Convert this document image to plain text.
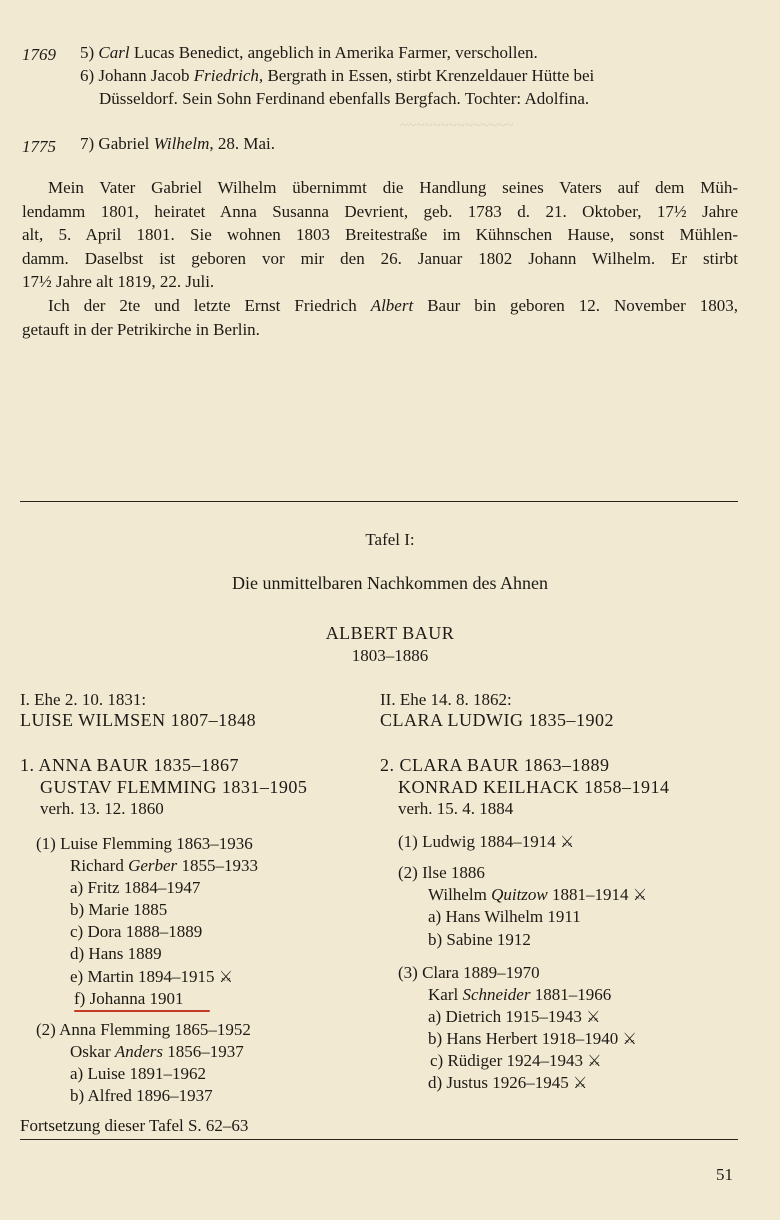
1769 5) Carl Lucas Benedict, angeblich in Amerika Farmer, verschollen.
6) Johann Jacob Friedrich, Bergrath in Essen, stirbt Krenzeldauer Hütte bei
Düsseldorf. Sein Sohn Ferdinand ebenfalls Bergfach. Tochter: Adolfina.
1775 7) Gabriel Wilhelm, 28. Mai.
Mein Vater Gabriel Wilhelm übernimmt die Handlung seines Vaters auf dem Müh-
lendamm 1801, heiratet Anna Susanna Devrient, geb. 1783 d. 21. Oktober, 17½ Jahre
alt, 5. April 1801. Sie wohnen 1803 Breitestraße im Kühnschen Hause, sonst Mühlen-
damm. Daselbst ist geboren vor mir den 26. Januar 1802 Johann Wilhelm. Er stirbt
17½ Jahre alt 1819, 22. Juli.
Ich der 2te und letzte Ernst Friedrich Albert Baur bin geboren 12. November 1803,
getauft in der Petrikirche in Berlin.
~~~~~~~~~~~~~~
Tafel I:
Die unmittelbaren Nachkommen des Ahnen
ALBERT BAUR
1803–1886
I. Ehe 2. 10. 1831:
LUISE WILMSEN 1807–1848
1. ANNA BAUR 1835–1867
GUSTAV FLEMMING 1831–1905
verh. 13. 12. 1860
(1) Luise Flemming 1863–1936
Richard Gerber 1855–1933
a) Fritz 1884–1947
b) Marie 1885
c) Dora 1888–1889
d) Hans 1889
e) Martin 1894–1915 ⚔
f) Johanna 1901
(2) Anna Flemming 1865–1952
Oskar Anders 1856–1937
a) Luise 1891–1962
b) Alfred 1896–1937
Fortsetzung dieser Tafel S. 62–63
II. Ehe 14. 8. 1862:
CLARA LUDWIG 1835–1902
2. CLARA BAUR 1863–1889
KONRAD KEILHACK 1858–1914
verh. 15. 4. 1884
(1) Ludwig 1884–1914 ⚔
(2) Ilse 1886
Wilhelm Quitzow 1881–1914 ⚔
a) Hans Wilhelm 1911
b) Sabine 1912
(3) Clara 1889–1970
Karl Schneider 1881–1966
a) Dietrich 1915–1943 ⚔
b) Hans Herbert 1918–1940 ⚔
c) Rüdiger 1924–1943 ⚔
d) Justus 1926–1945 ⚔
51
